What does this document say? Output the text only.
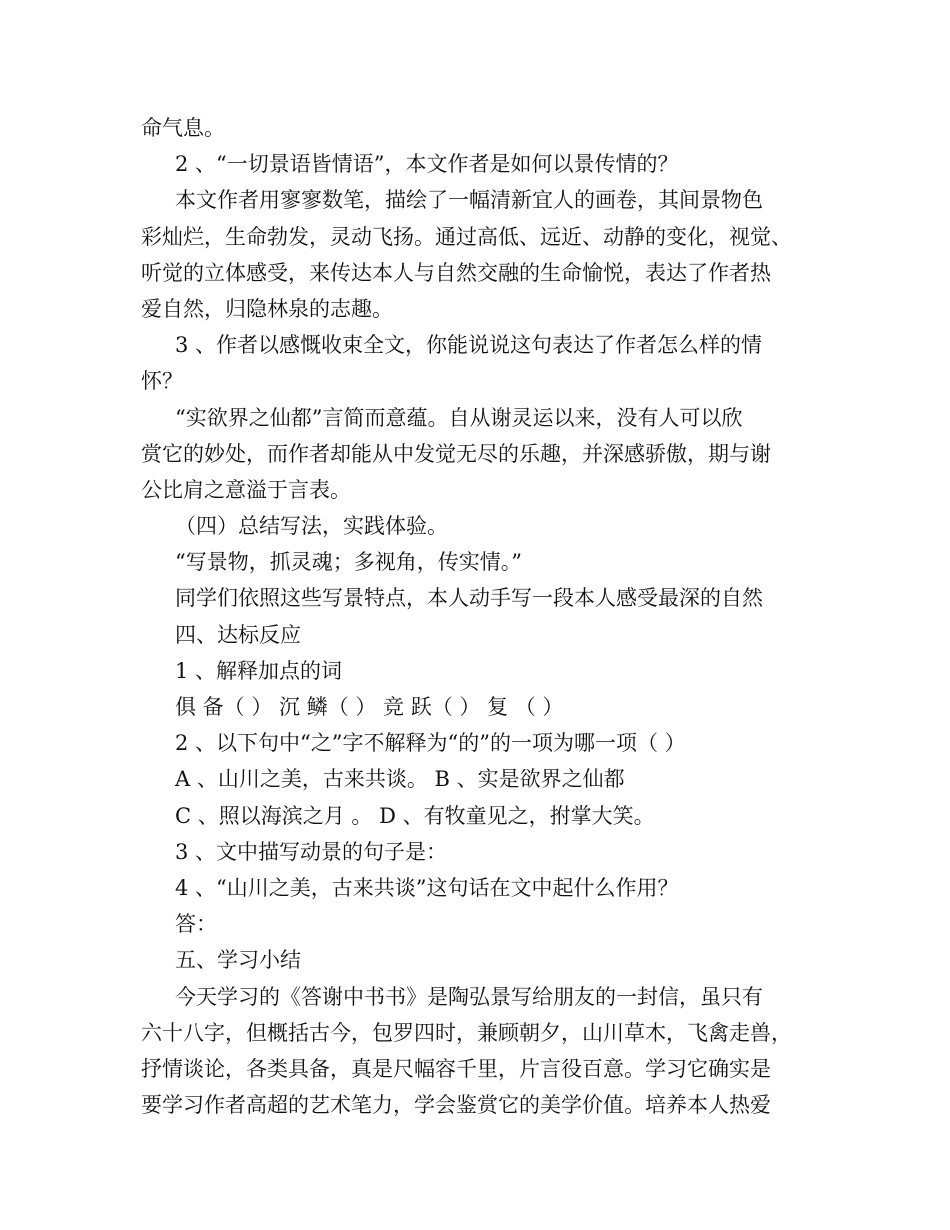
命气息。
2 、“一切景语皆情语”，本文作者是如何以景传情的？
本文作者用寥寥数笔，描绘了一幅清新宜人的画卷，其间景物色
彩灿烂，生命勃发，灵动飞扬。通过高低、远近、动静的变化，视觉、
听觉的立体感受，来传达本人与自然交融的生命愉悦，表达了作者热
爱自然，归隐林泉的志趣。
3 、作者以感慨收束全文，你能说说这句表达了作者怎么样的情
怀？
“实欲界之仙都”言简而意蕴。自从谢灵运以来，没有人可以欣
赏它的妙处，而作者却能从中发觉无尽的乐趣，并深感骄傲，期与谢
公比肩之意溢于言表。
（四）总结写法，实践体验。
“写景物，抓灵魂；多视角，传实情。”
同学们依照这些写景特点，本人动手写一段本人感受最深的自然
四、达标反应
1 、解释加点的词
俱 备（ ） 沉 鳞（ ） 竞 跃（ ） 复 （ ）
2 、以下句中“之”字不解释为“的”的一项为哪一项（ ）
A 、山川之美，古来共谈。 B 、实是欲界之仙都
C 、照以海滨之月 。 D 、有牧童见之，拊掌大笑。
3 、文中描写动景的句子是：
4 、“山川之美，古来共谈”这句话在文中起什么作用？
答：
五、学习小结
今天学习的《答谢中书书》是陶弘景写给朋友的一封信，虽只有
六十八字，但概括古今，包罗四时，兼顾朝夕，山川草木，飞禽走兽，
抒情谈论，各类具备，真是尺幅容千里，片言役百意。学习它确实是
要学习作者高超的艺术笔力，学会鉴赏它的美学价值。培养本人热爱
